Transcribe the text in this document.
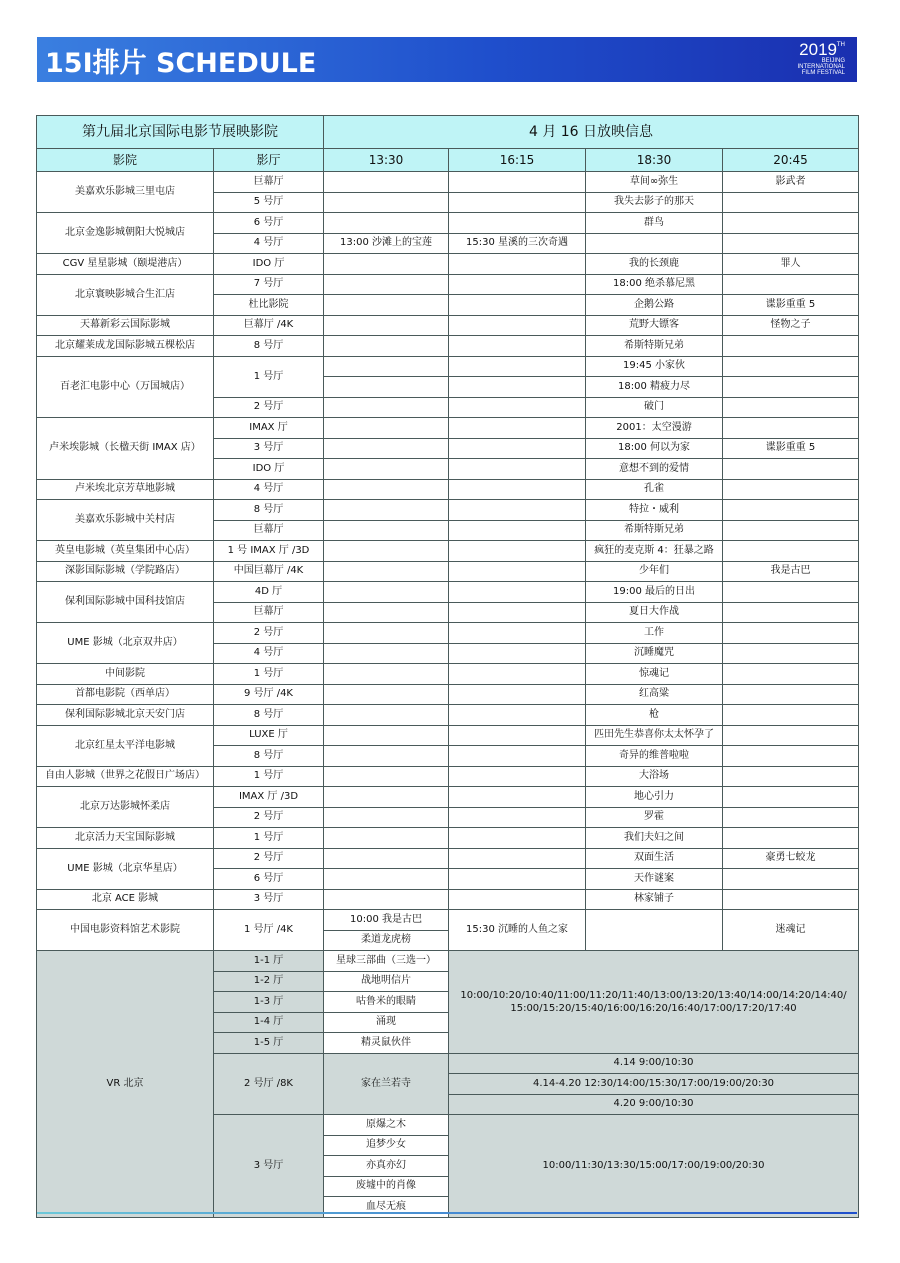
15I排片 SCHEDULE	2019 TH
BEIJING
INTERNATIONAL
FILM FESTIVAL
第九届北京国际电影节展映影院		4 月 16 日放映信息			
影院	影厅	13:30	16:15	18:30	20:45
美嘉欢乐影城三里屯店	巨幕厅			草间∞弥生	影武者
	5 号厅			我失去影子的那天	
北京金逸影城朝阳大悦城店	6 号厅			群鸟	
	4 号厅	13:00 沙滩上的宝莲	15:30 星溪的三次奇遇		
CGV 星星影城（颐堤港店）	IDO 厅			我的长颈鹿	罪人
北京寰映影城合生汇店	7 号厅			18:00 绝杀慕尼黑	
	杜比影院			企鹅公路	谍影重重 5
天幕新彩云国际影城	巨幕厅 /4K			荒野大镖客	怪物之子
北京耀莱成龙国际影城五棵松店	8 号厅			希斯特斯兄弟	
百老汇电影中心（万国城店）	1 号厅			19:45 小家伙	
				18:00 精疲力尽	
	2 号厅			破门	
卢米埃影城（长楹天街 IMAX 店）	IMAX 厅			2001：太空漫游	
	3 号厅			18:00 何以为家	谍影重重 5
	IDO 厅			意想不到的爱情	
卢米埃北京芳草地影城	4 号厅			孔雀	
美嘉欢乐影城中关村店	8 号厅			特拉・威利	
	巨幕厅			希斯特斯兄弟	
英皇电影城（英皇集团中心店）	1 号 IMAX 厅 /3D			疯狂的麦克斯 4：狂暴之路	
深影国际影城（学院路店）	中国巨幕厅 /4K			少年们	我是古巴
保利国际影城中国科技馆店	4D 厅			19:00 最后的日出	
	巨幕厅			夏日大作战	
UME 影城（北京双井店）	2 号厅			工作	
	4 号厅			沉睡魔咒	
中间影院	1 号厅			惊魂记	
首都电影院（西单店）	9 号厅 /4K			红高粱	
保利国际影城北京天安门店	8 号厅			枪	
北京红星太平洋电影城	LUXE 厅			匹田先生恭喜你太太怀孕了	
	8 号厅			奇异的维普啦啦	
自由人影城（世界之花假日广场店）	1 号厅			大浴场	
北京万达影城怀柔店	IMAX 厅 /3D			地心引力	
	2 号厅			罗霍	
北京活力天宝国际影城	1 号厅			我们夫妇之间	
UME 影城（北京华星店）	2 号厅			双面生活	豪勇七蛟龙
	6 号厅			天作谜案	
北京 ACE 影城	3 号厅			林家铺子	
中国电影资料馆艺术影院	1 号厅 /4K	10:00 我是古巴	15:30 沉睡的人鱼之家		迷魂记
		柔道龙虎榜			
VR 北京	1-1 厅	星球三部曲（三选一）	10:00/10:20/10:40/11:00/11:20/11:40/13:00/13:20/13:40/14:00/14:20/14:40/ 15:00/15:20/15:40/16:00/16:20/16:40/17:00/17:20/17:40		
	1-2 厅	战地明信片			
	1-3 厅	咕鲁米的眼睛			
	1-4 厅	涌现			
	1-5 厅	精灵鼠伙伴			
	2 号厅 /8K	家在兰若寺	4.14 9:00/10:30		
			4.14-4.20 12:30/14:00/15:30/17:00/19:00/20:30		
			4.20 9:00/10:30		
	3 号厅	原爆之木	10:00/11:30/13:30/15:00/17:00/19:00/20:30		
		追梦少女			
		亦真亦幻			
		废墟中的肖像			
		血尽无痕			
